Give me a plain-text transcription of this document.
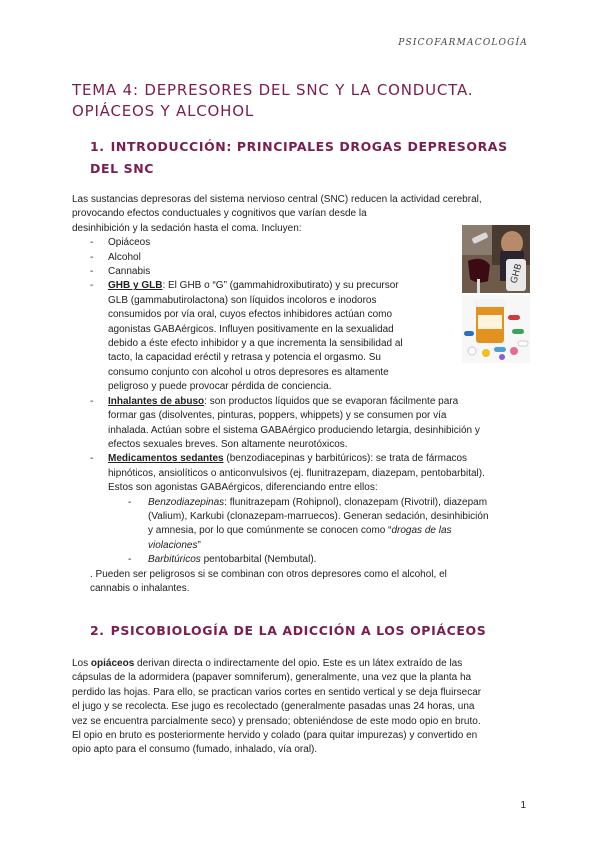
PSICOFARMACOLOGÍA
TEMA 4: DEPRESORES DEL SNC Y LA CONDUCTA.
OPIÁCEOS Y ALCOHOL
1. INTRODUCCIÓN: PRINCIPALES DROGAS DEPRESORAS DEL SNC
GHB

Las sustancias depresoras del sistema nervioso central (SNC) reducen la actividad cerebral,

provocando efectos conductuales y cognitivos que varían desde la

desinhibición y la sedación hasta el coma. Incluyen:

- Opiáceos
- Alcohol
- Cannabis
- GHB y GLB: El GHB o “G” (gammahidroxibutirato) y su precursor
GLB (gammabutirolactona) son líquidos incoloros e inodoros
consumidos por vía oral, cuyos efectos inhibidores actúan como
agonistas GABAérgicos. Influyen positivamente en la sexualidad
debido a éste efecto inhibidor y a que incrementa la sensibilidad al
tacto, la capacidad eréctil y retrasa y potencia el orgasmo. Su
consumo conjunto con alcohol u otros depresores es altamente
peligroso y puede provocar pérdida de conciencia.
- Inhalantes de abuso: son productos líquidos que se evaporan fácilmente para
formar gas (disolventes, pinturas, poppers, whippets) y se consumen por vía
inhalada. Actúan sobre el sistema GABAérgico produciendo letargia, desinhibición y
efectos sexuales breves. Son altamente neurotóxicos.
- Medicamentos sedantes (benzodiacepinas y barbitúricos): se trata de fármacos
hipnóticos, ansiolíticos o anticonvulsivos (ej. flunitrazepam, diazepam, pentobarbital).
Estos son agonistas GABAérgicos, diferenciando entre ellos:
- Benzodiazepinas: flunitrazepam (Rohipnol), clonazepam (Rivotril), diazepam
(Valium), Karkubi (clonazepam-marruecos). Generan sedación, desinhibición
y amnesia, por lo que comúnmente se conocen como “drogas de las
violaciones”
- Barbitúricos pentobarbital (Nembutal).
. Pueden ser peligrosos si se combinan con otros depresores como el alcohol, el
cannabis o inhalantes.
2. PSICOBIOLOGÍA DE LA ADICCIÓN A LOS OPIÁCEOS

Los opiáceos derivan directa o indirectamente del opio. Este es un látex extraído de las

cápsulas de la adormidera (papaver somniferum), generalmente, una vez que la planta ha

perdido las hojas. Para ello, se practican varios cortes en sentido vertical y se deja fluirsecar

el jugo y se recolecta. Ese jugo es recolectado (generalmente pasadas unas 24 horas, una

vez se encuentra parcialmente seco) y prensado; obteniéndose de este modo opio en bruto.

El opio en bruto es posteriormente hervido y colado (para quitar impurezas) y convertido en

opio apto para el consumo (fumado, inhalado, vía oral).

1
